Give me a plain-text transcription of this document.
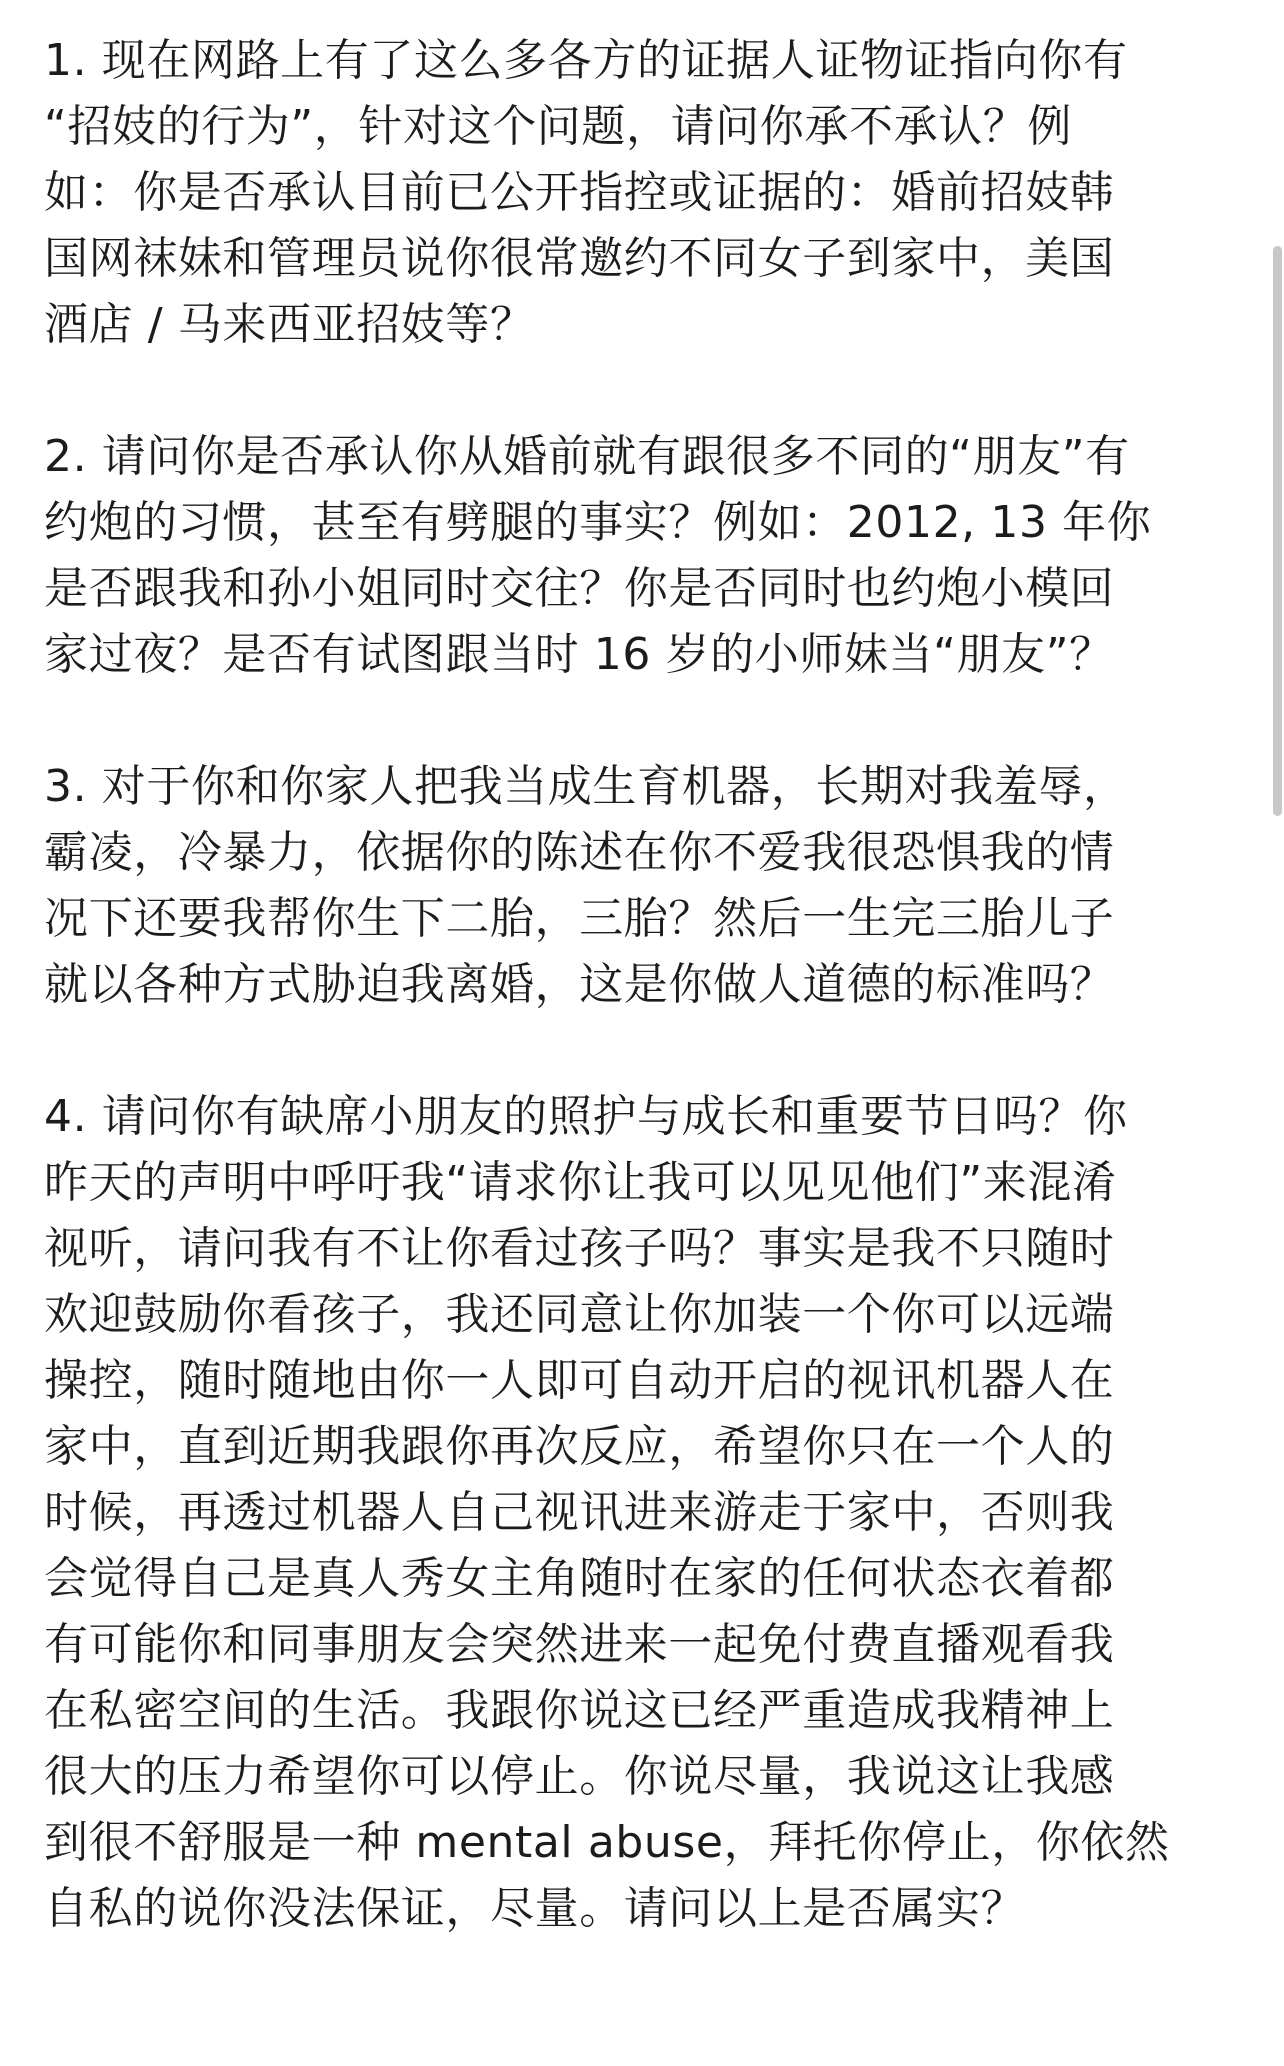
1. 现在网路上有了这么多各方的证据人证物证指向你有
“招妓的行为”，针对这个问题，请问你承不承认？例
如：你是否承认目前已公开指控或证据的：婚前招妓韩
国网袜妹和管理员说你很常邀约不同女子到家中，美国
酒店 / 马来西亚招妓等？

2. 请问你是否承认你从婚前就有跟很多不同的“朋友”有
约炮的习惯，甚至有劈腿的事实？例如：2012, 13 年你
是否跟我和孙小姐同时交往？你是否同时也约炮小模回
家过夜？是否有试图跟当时 16 岁的小师妹当“朋友”？

3. 对于你和你家人把我当成生育机器，长期对我羞辱，
霸凌，冷暴力，依据你的陈述在你不爱我很恐惧我的情
况下还要我帮你生下二胎，三胎？然后一生完三胎儿子
就以各种方式胁迫我离婚，这是你做人道德的标准吗？

4. 请问你有缺席小朋友的照护与成长和重要节日吗？你
昨天的声明中呼吁我“请求你让我可以见见他们”来混淆
视听，请问我有不让你看过孩子吗？事实是我不只随时
欢迎鼓励你看孩子，我还同意让你加装一个你可以远端
操控，随时随地由你一人即可自动开启的视讯机器人在
家中，直到近期我跟你再次反应，希望你只在一个人的
时候，再透过机器人自己视讯进来游走于家中，否则我
会觉得自己是真人秀女主角随时在家的任何状态衣着都
有可能你和同事朋友会突然进来一起免付费直播观看我
在私密空间的生活。我跟你说这已经严重造成我精神上
很大的压力希望你可以停止。你说尽量，我说这让我感
到很不舒服是一种 mental abuse，拜托你停止，你依然
自私的说你没法保证，尽量。请问以上是否属实？
